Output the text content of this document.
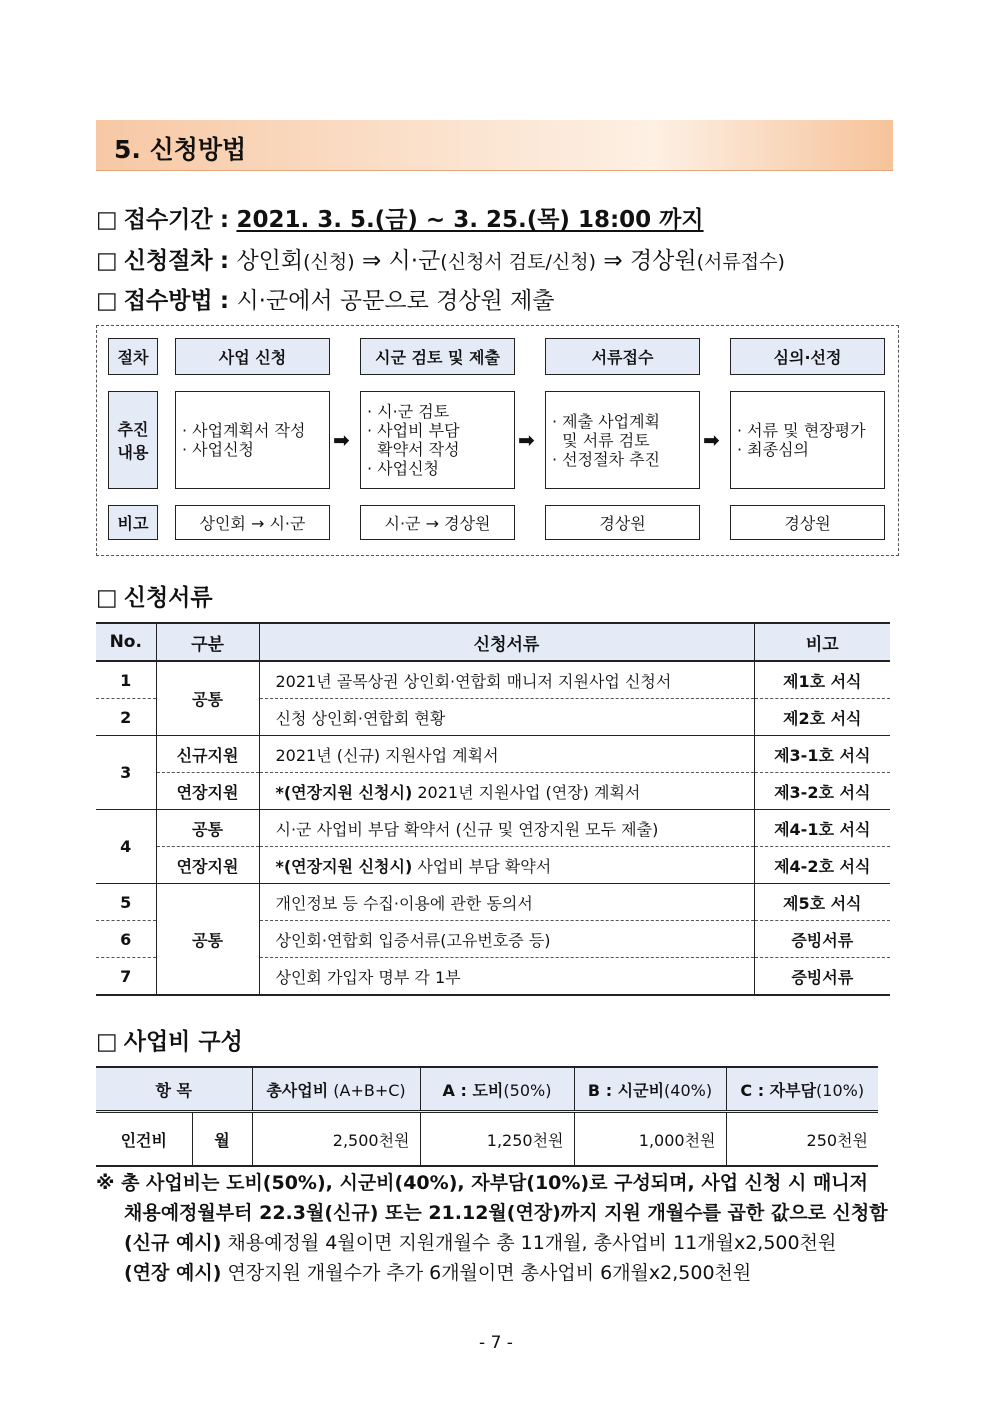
5. 신청방법
□ 접수기간 : 2021. 3. 5.(금) ~ 3. 25.(목) 18:00 까지
□ 신청절차 : 상인회(신청) ⇒ 시·군(신청서 검토/신청) ⇒ 경상원(서류접수)
□ 접수방법 : 시·군에서 공문으로 경상원 제출
절차
추진
내용
비고
사업 신청
· 사업계획서 작성
· 사업신청
상인회 → 시·군
➡
시군 검토 및 제출
· 시·군 검토
· 사업비 부담
확약서 작성
· 사업신청
시·군 → 경상원
➡
서류접수
· 제출 사업계획
및 서류 검토
· 선정절차 추진
경상원
➡
심의·선정
· 서류 및 현장평가
· 최종심의
경상원
□ 신청서류
No.	구분	신청서류	비고
1	공통	2021년 골목상권 상인회·연합회 매니저 지원사업 신청서	제1호 서식
2		신청 상인회·연합회 현황	제2호 서식
3	신규지원	2021년 (신규) 지원사업 계획서	제3-1호 서식
	연장지원	*(연장지원 신청시) 2021년 지원사업 (연장) 계획서	제3-2호 서식
4	공통	시·군 사업비 부담 확약서 (신규 및 연장지원 모두 제출)	제4-1호 서식
	연장지원	*(연장지원 신청시) 사업비 부담 확약서	제4-2호 서식
5	공통	개인정보 등 수집·이용에 관한 동의서	제5호 서식
6		상인회·연합회 입증서류(고유번호증 등)	증빙서류
7		상인회 가입자 명부 각 1부	증빙서류
□ 사업비 구성
항 목		총사업비 (A+B+C)	A : 도비(50%)	B : 시군비(40%)	C : 자부담(10%)
인건비	월	2,500천원	1,250천원	1,000천원	250천원
※ 총 사업비는 도비(50%), 시군비(40%), 자부담(10%)로 구성되며, 사업 신청 시 매니저
채용예정월부터 22.3월(신규) 또는 21.12월(연장)까지 지원 개월수를 곱한 값으로 신청함
(신규 예시) 채용예정월 4월이면 지원개월수 총 11개월, 총사업비 11개월x2,500천원
(연장 예시) 연장지원 개월수가 추가 6개월이면 총사업비 6개월x2,500천원
- 7 -
